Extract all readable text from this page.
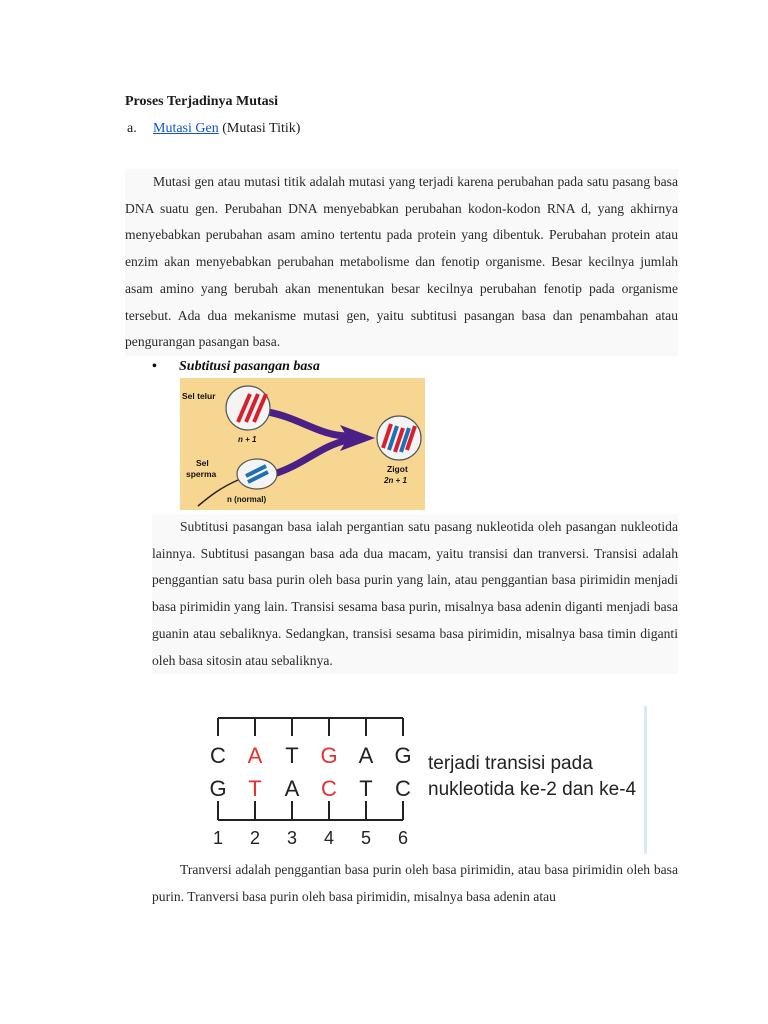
Proses Terjadinya Mutasi
a. Mutasi Gen (Mutasi Titik)
Mutasi gen atau mutasi titik adalah mutasi yang terjadi karena perubahan pada satu pasang basa DNA suatu gen. Perubahan DNA menyebabkan perubahan kodon-kodon RNA d, yang akhirnya menyebabkan perubahan asam amino tertentu pada protein yang dibentuk. Perubahan protein atau enzim akan menyebabkan perubahan metabolisme dan fenotip organisme. Besar kecilnya jumlah asam amino yang berubah akan menentukan besar kecilnya perubahan fenotip pada organisme tersebut. Ada dua mekanisme mutasi gen, yaitu subtitusi pasangan basa dan penambahan atau pengurangan pasangan basa.
• Subtitusi pasangan basa
Sel telur
n + 1
Sel
sperma
n (normal)
Zigot
2n + 1
Subtitusi pasangan basa ialah pergantian satu pasang nukleotida oleh pasangan nukleotida lainnya. Subtitusi pasangan basa ada dua macam, yaitu transisi dan tranversi. Transisi adalah penggantian satu basa purin oleh basa purin yang lain, atau penggantian basa pirimidin menjadi basa pirimidin yang lain. Transisi sesama basa purin, misalnya basa adenin diganti menjadi basa guanin atau sebaliknya. Sedangkan, transisi sesama basa pirimidin, misalnya basa timin diganti oleh basa sitosin atau sebaliknya.
terjadi transisi pada
nukleotida ke-2 dan ke-4
C
G
1
A
T
2
T
A
3
G
C
4
A
T
5
G
C
6
Tranversi adalah penggantian basa purin oleh basa pirimidin, atau basa pirimidin oleh basa purin. Tranversi basa purin oleh basa pirimidin, misalnya basa adenin atau
